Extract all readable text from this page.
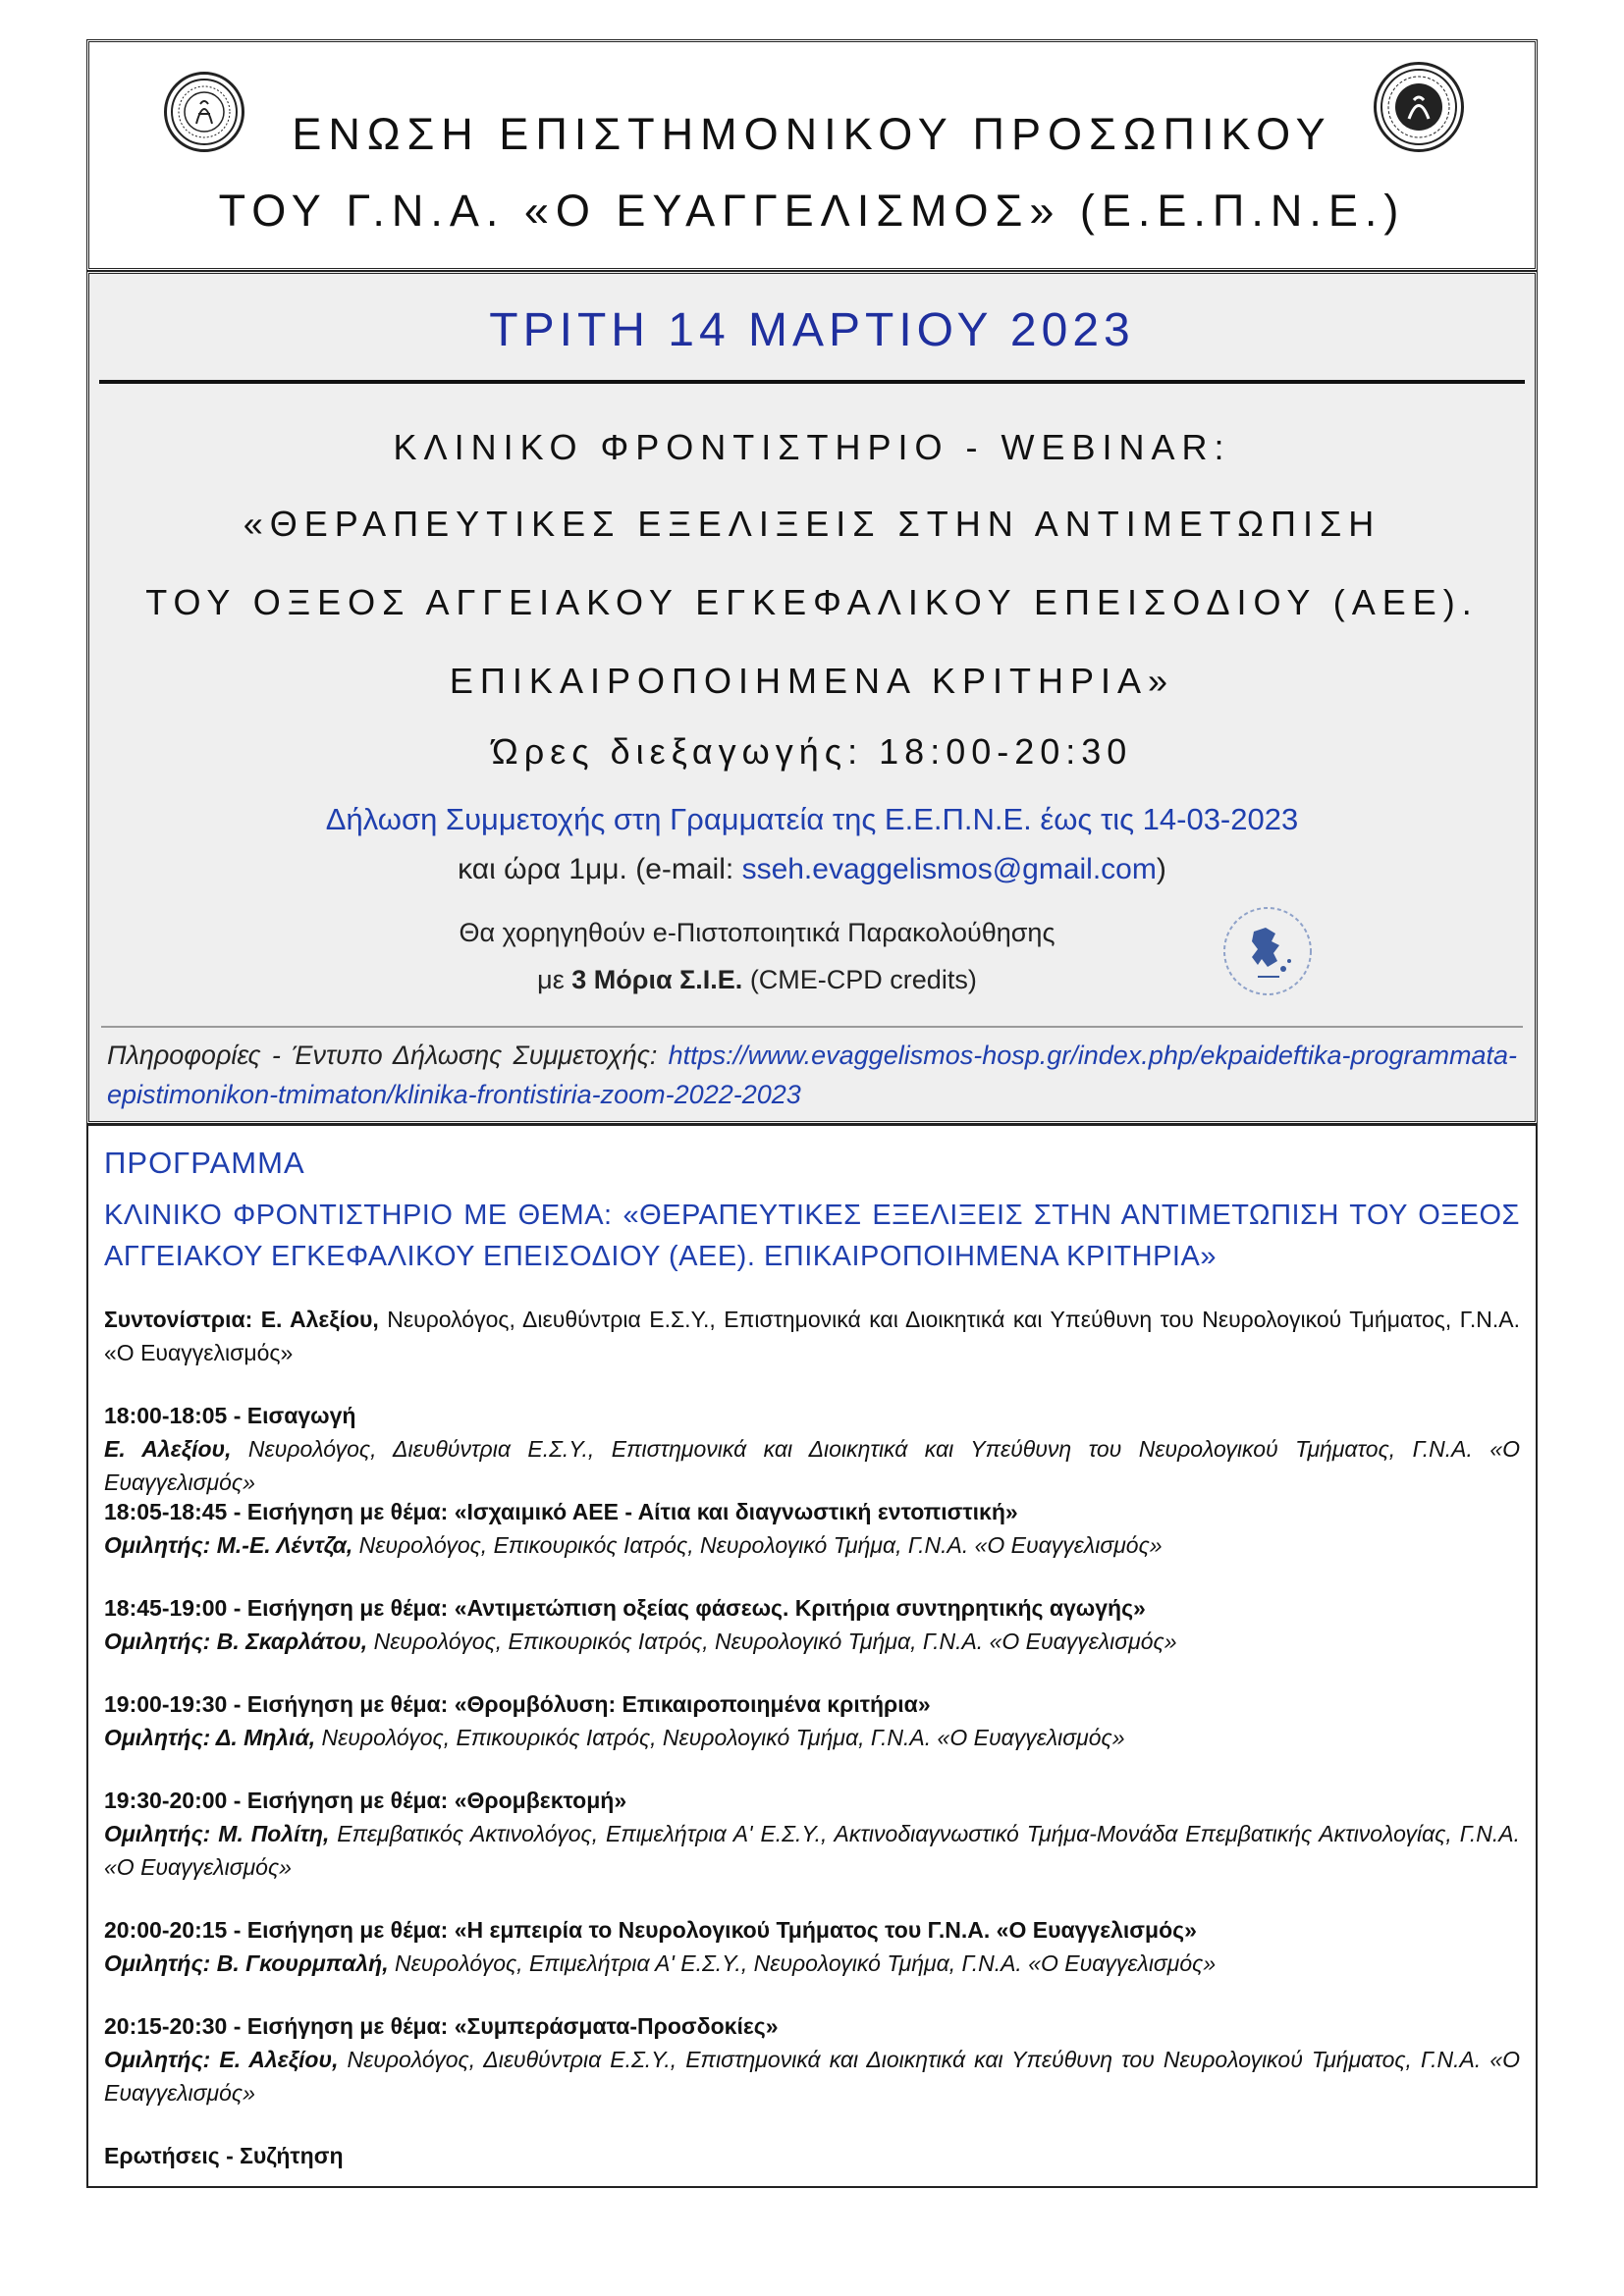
ΕΝΩΣΗ ΕΠΙΣΤΗΜΟΝΙΚΟΥ ΠΡΟΣΩΠΙΚΟΥ
ΤΟΥ Γ.Ν.Α. «Ο ΕΥΑΓΓΕΛΙΣΜΟΣ» (Ε.Ε.Π.Ν.Ε.)
ΤΡΙΤΗ 14 ΜΑΡΤΙΟΥ 2023
ΚΛΙΝΙΚΟ ΦΡΟΝΤΙΣΤΗΡΙΟ - WEBINAR:
«ΘΕΡΑΠΕΥΤΙΚΕΣ ΕΞΕΛΙΞΕΙΣ ΣΤΗΝ ΑΝΤΙΜΕΤΩΠΙΣΗ
ΤΟΥ ΟΞΕΟΣ ΑΓΓΕΙΑΚΟΥ ΕΓΚΕΦΑΛΙΚΟΥ ΕΠΕΙΣΟΔΙΟΥ (ΑΕΕ).
ΕΠΙΚΑΙΡΟΠΟΙΗΜΕΝΑ ΚΡΙΤΗΡΙΑ»
Ώρες διεξαγωγής: 18:00-20:30
Δήλωση Συμμετοχής στη Γραμματεία της Ε.Ε.Π.Ν.Ε. έως τις 14-03-2023
και ώρα 1μμ. (e-mail: sseh.evaggelismos@gmail.com)
Θα χορηγηθούν e-Πιστοποιητικά Παρακολούθησης
με 3 Μόρια Σ.Ι.Ε. (CME-CPD credits)
Πληροφορίες - Έντυπο Δήλωσης Συμμετοχής: https://www.evaggelismos-hosp.gr/index.php/ekpaideftika-programmata-epistimonikon-tmimaton/klinika-frontistiria-zoom-2022-2023
ΠΡΟΓΡΑΜΜΑ
ΚΛΙΝΙΚΟ ΦΡΟΝΤΙΣΤΗΡΙΟ ΜΕ ΘΕΜΑ: «ΘΕΡΑΠΕΥΤΙΚΕΣ ΕΞΕΛΙΞΕΙΣ ΣΤΗΝ ΑΝΤΙΜΕΤΩΠΙΣΗ ΤΟΥ ΟΞΕΟΣ ΑΓΓΕΙΑΚΟΥ ΕΓΚΕΦΑΛΙΚΟΥ ΕΠΕΙΣΟΔΙΟΥ (ΑΕΕ). ΕΠΙΚΑΙΡΟΠΟΙΗΜΕΝΑ ΚΡΙΤΗΡΙΑ»
Συντονίστρια: Ε. Αλεξίου, Νευρολόγος, Διευθύντρια Ε.Σ.Υ., Επιστημονικά και Διοικητικά και Υπεύθυνη του Νευρολογικού Τμήματος, Γ.Ν.Α. «Ο Ευαγγελισμός»
18:00-18:05 - Εισαγωγή
Ε. Αλεξίου, Νευρολόγος, Διευθύντρια Ε.Σ.Υ., Επιστημονικά και Διοικητικά και Υπεύθυνη του Νευρολογικού Τμήματος, Γ.Ν.Α. «Ο Ευαγγελισμός»
18:05-18:45 - Εισήγηση με θέμα: «Ισχαιμικό ΑΕΕ - Αίτια και διαγνωστική εντοπιστική»
Ομιλητής: Μ.-Ε. Λέντζα, Νευρολόγος, Επικουρικός Ιατρός, Νευρολογικό Τμήμα, Γ.Ν.Α. «Ο Ευαγγελισμός»
18:45-19:00 - Εισήγηση με θέμα: «Αντιμετώπιση οξείας φάσεως. Κριτήρια συντηρητικής αγωγής»
Ομιλητής: Β. Σκαρλάτου, Νευρολόγος, Επικουρικός Ιατρός, Νευρολογικό Τμήμα, Γ.Ν.Α. «Ο Ευαγγελισμός»
19:00-19:30 - Εισήγηση με θέμα: «Θρομβόλυση: Επικαιροποιημένα κριτήρια»
Ομιλητής: Δ. Μηλιά, Νευρολόγος, Επικουρικός Ιατρός, Νευρολογικό Τμήμα, Γ.Ν.Α. «Ο Ευαγγελισμός»
19:30-20:00 - Εισήγηση με θέμα: «Θρομβεκτομή»
Ομιλητής: Μ. Πολίτη, Επεμβατικός Ακτινολόγος, Επιμελήτρια Α' Ε.Σ.Υ., Ακτινοδιαγνωστικό Τμήμα-Μονάδα Επεμβατικής Ακτινολογίας, Γ.Ν.Α. «Ο Ευαγγελισμός»
20:00-20:15 - Εισήγηση με θέμα: «Η εμπειρία το Νευρολογικού Τμήματος του Γ.Ν.Α. «Ο Ευαγγελισμός»
Ομιλητής: Β. Γκουρμπαλή, Νευρολόγος, Επιμελήτρια Α' Ε.Σ.Υ., Νευρολογικό Τμήμα, Γ.Ν.Α. «Ο Ευαγγελισμός»
20:15-20:30 - Εισήγηση με θέμα: «Συμπεράσματα-Προσδοκίες»
Ομιλητής: Ε. Αλεξίου, Νευρολόγος, Διευθύντρια Ε.Σ.Υ., Επιστημονικά και Διοικητικά και Υπεύθυνη του Νευρολογικού Τμήματος, Γ.Ν.Α. «Ο Ευαγγελισμός»
Ερωτήσεις - Συζήτηση
